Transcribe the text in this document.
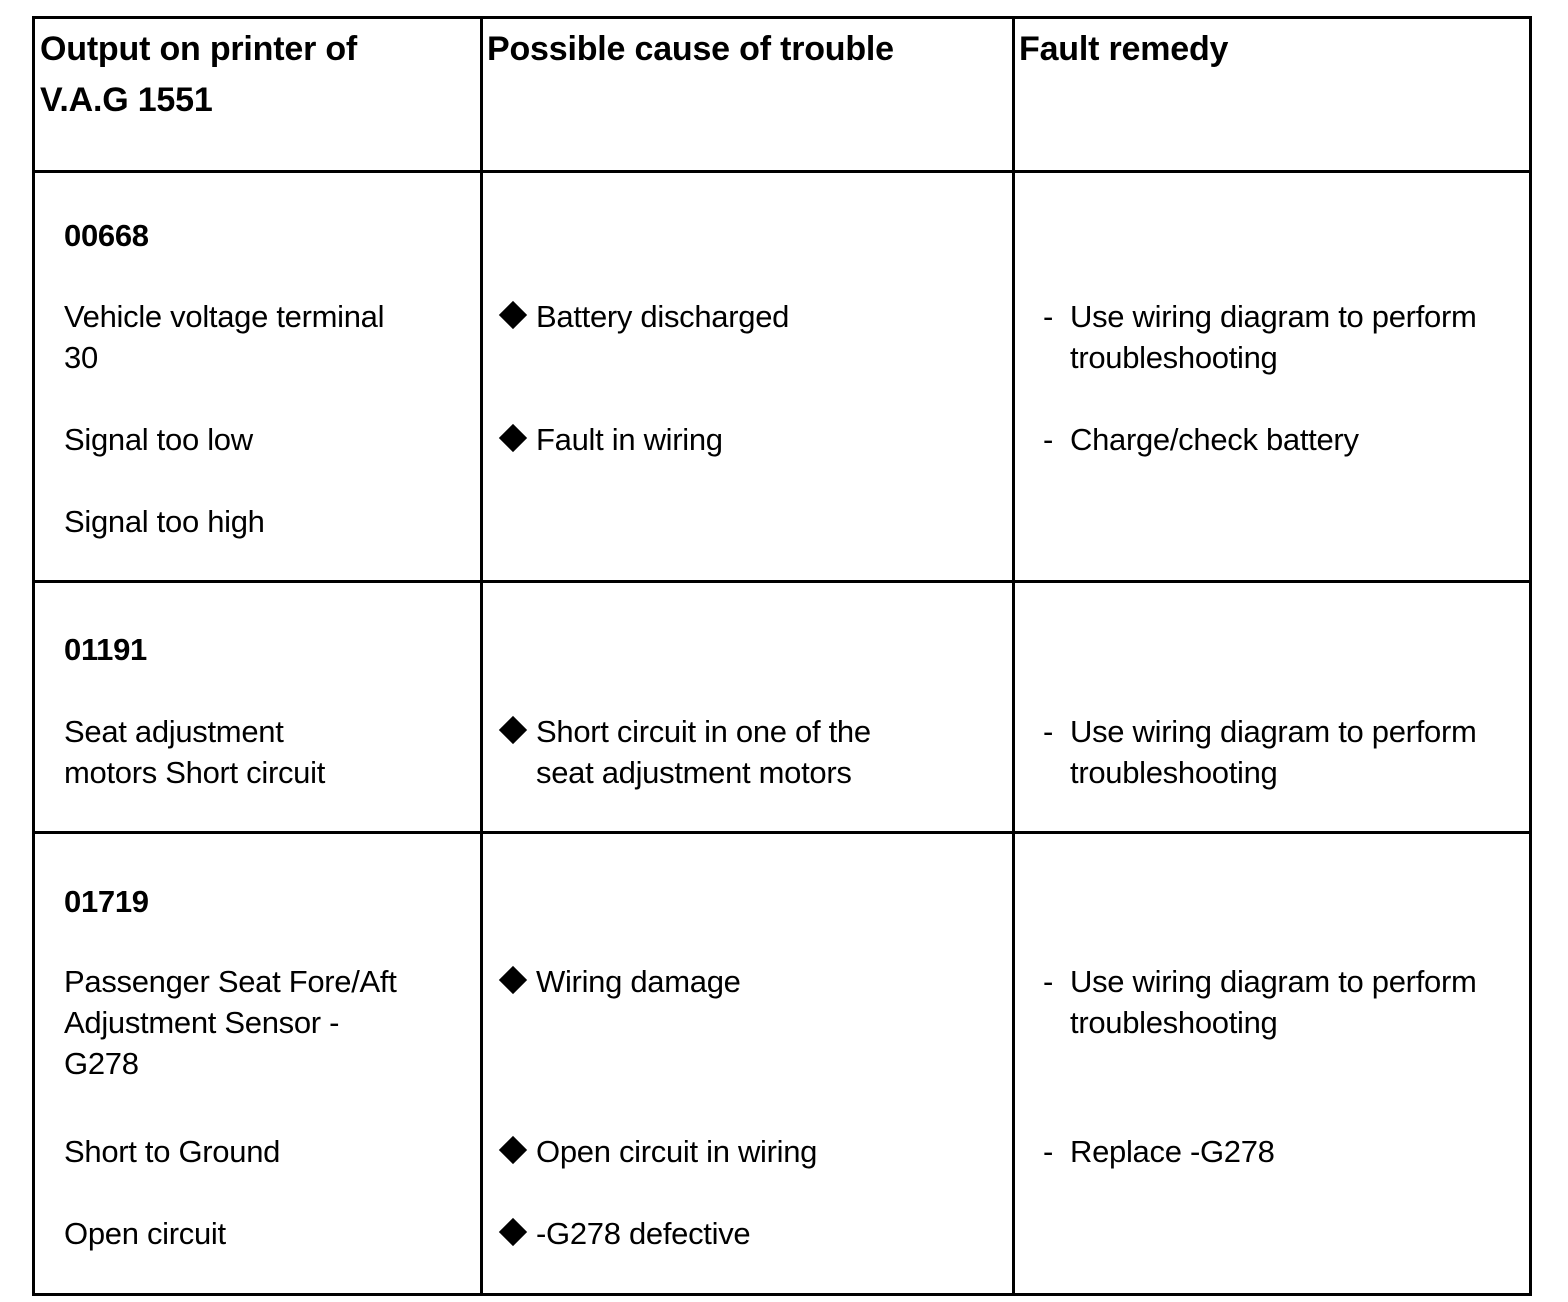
Output on printer of
V.A.G 1551
Possible cause of trouble	Fault remedy
00668
Vehicle voltage terminal
30
Signal too low
Signal too high
Battery discharged
Fault in wiring
- Use wiring diagram to perform
troubleshooting
- Charge/check battery
01191
Seat adjustment
motors Short circuit
Short circuit in one of the
seat adjustment motors
- Use wiring diagram to perform
troubleshooting
01719
Passenger Seat Fore/Aft
Adjustment Sensor -
G278
Short to Ground
Open circuit
Wiring damage
Open circuit in wiring
-G278 defective
- Use wiring diagram to perform
troubleshooting
- Replace -G278
